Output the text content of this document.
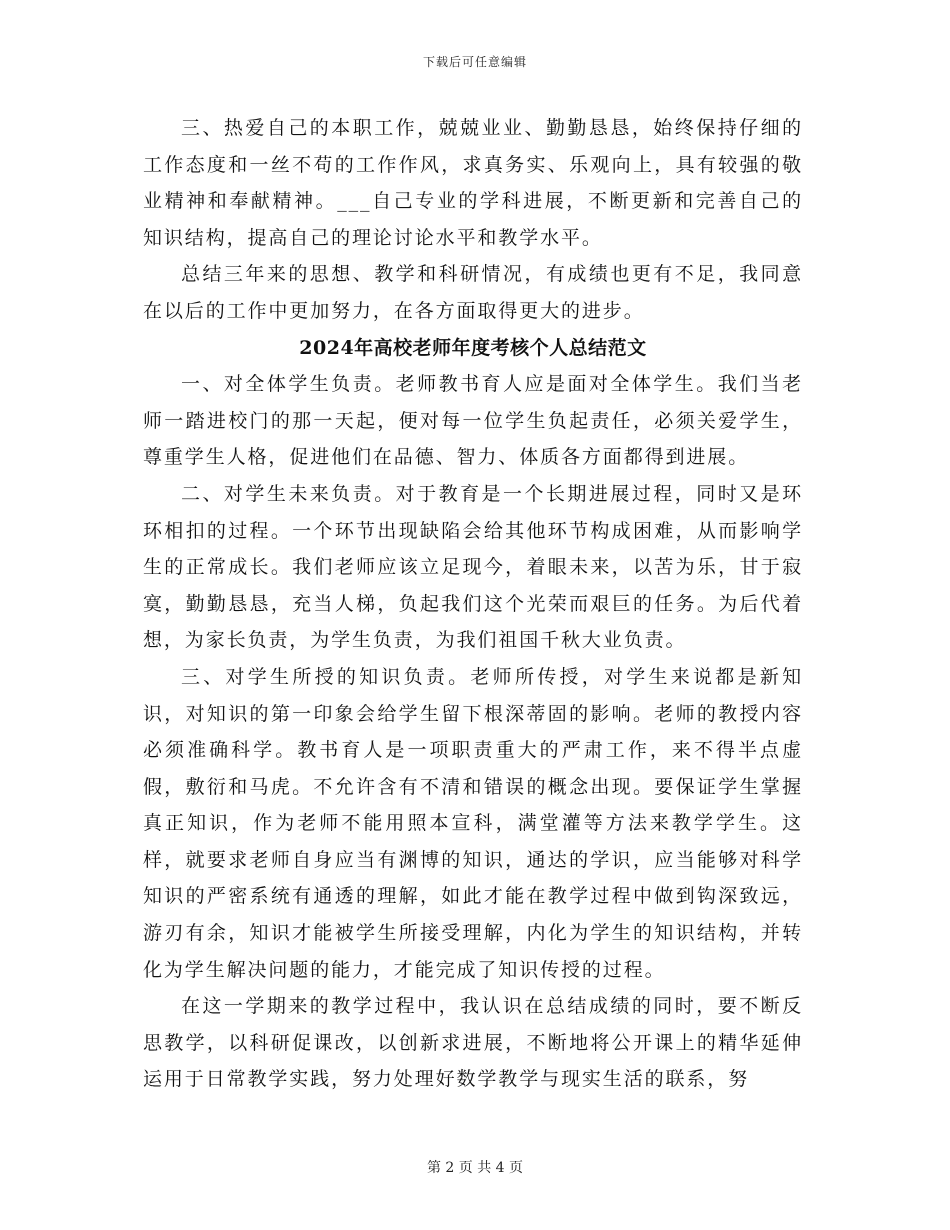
下载后可任意编辑

三、热爱自己的本职工作，兢兢业业、勤勤恳恳，始终保持仔细的工作态度和一丝不苟的工作作风，求真务实、乐观向上，具有较强的敬业精神和奉献精神。___自己专业的学科进展，不断更新和完善自己的知识结构，提高自己的理论讨论水平和教学水平。

总结三年来的思想、教学和科研情况，有成绩也更有不足，我同意在以后的工作中更加努力，在各方面取得更大的进步。

2024年高校老师年度考核个人总结范文

一、对全体学生负责。老师教书育人应是面对全体学生。我们当老师一踏进校门的那一天起，便对每一位学生负起责任，必须关爱学生，尊重学生人格，促进他们在品德、智力、体质各方面都得到进展。

二、对学生未来负责。对于教育是一个长期进展过程，同时又是环环相扣的过程。一个环节出现缺陷会给其他环节构成困难，从而影响学生的正常成长。我们老师应该立足现今，着眼未来，以苦为乐，甘于寂寞，勤勤恳恳，充当人梯，负起我们这个光荣而艰巨的任务。为后代着想，为家长负责，为学生负责，为我们祖国千秋大业负责。

三、对学生所授的知识负责。老师所传授，对学生来说都是新知识，对知识的第一印象会给学生留下根深蒂固的影响。老师的教授内容必须准确科学。教书育人是一项职责重大的严肃工作，来不得半点虚假，敷衍和马虎。不允许含有不清和错误的概念出现。要保证学生掌握真正知识，作为老师不能用照本宣科，满堂灌等方法来教学学生。这样，就要求老师自身应当有渊博的知识，通达的学识，应当能够对科学知识的严密系统有通透的理解，如此才能在教学过程中做到钩深致远，游刃有余，知识才能被学生所接受理解，内化为学生的知识结构，并转化为学生解决问题的能力，才能完成了知识传授的过程。

在这一学期来的教学过程中，我认识在总结成绩的同时，要不断反思教学，以科研促课改，以创新求进展，不断地将公开课上的精华延伸运用于日常教学实践，努力处理好数学教学与现实生活的联系，努

第 2 页 共 4 页
